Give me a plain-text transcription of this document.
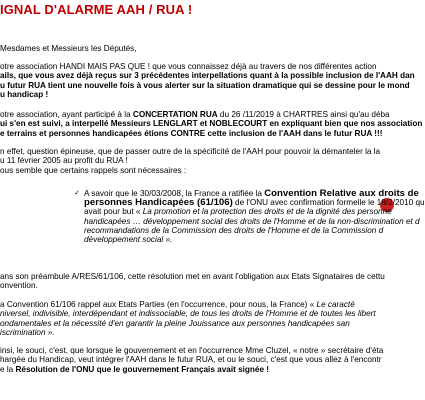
IGNAL D'ALARME AAH / RUA !
Mesdames et Messieurs les Députés,
otre association HANDI MAIS PAS QUE ! que vous connaissez déjà au travers de nos différentes action
ails, que vous avez déjà reçus sur 3 précédentes interpellations quant à la possible inclusion de l'AAH dan
u futur RUA tient une nouvelle fois à vous alerter sur la situation dramatique qui se dessine pour le mond
u handicap !
otre association, ayant participé à la CONCERTATION RUA du 26 /11/2019 à CHARTRES ainsi qu'au déba
ui s'en est suivi, a interpellé Messieurs LENGLART et NOBLECOURT en expliquant bien que nos association
e terrains et personnes handicapées étions CONTRE cette inclusion de l'AAH dans le futur RUA !!!
n effet, question épineuse, que de passer outre de la spécificité de l'AAH pour pouvoir la démanteler la la
u 11 février 2005 au profit du RUA !
ous semble que certains rappels sont nécessaires :
✓ A savoir que le 30/03/2008, la France a ratifiée la Convention Relative aux droits de
personnes Handicapées (61/106) de l'ONU avec confirmation formelle le 18/2/2010 qu
avait pour but « La promotion et la protection des droits et de la dignité des personne
handicapées … développement social des droits de l'Homme et de la non-discrimination et d
recommandations de la Commission des droits de l'Homme et de la Commission d
développement social ».
ans son préambule A/RES/61/106, cette résolution met en avant l'obligation aux Etats Signataires de cettu
onvention.
a Convention 61/106 rappel aux Etats Parties (en l'occurrence, pour nous, la France) « Le caracté
niversel, indivisible, interdépendant et indissociable, de tous les droits de l'Homme et de toutes les libert
ondamentales et la nécessité d'en garantir la pleine Jouissance aux personnes handicapées san
iscrimination ».
insi, le souci, c'est, que lorsque le gouvernement et en l'occurrence Mme Cluzel, « notre » secrétaire d'éta
hargée du Handicap, veut intégrer l'AAH dans le futur RUA, et ou le souci, c'est que vous allez à l'encontr
e la Résolution de l'ONU que le gouvernement Français avait signée !
